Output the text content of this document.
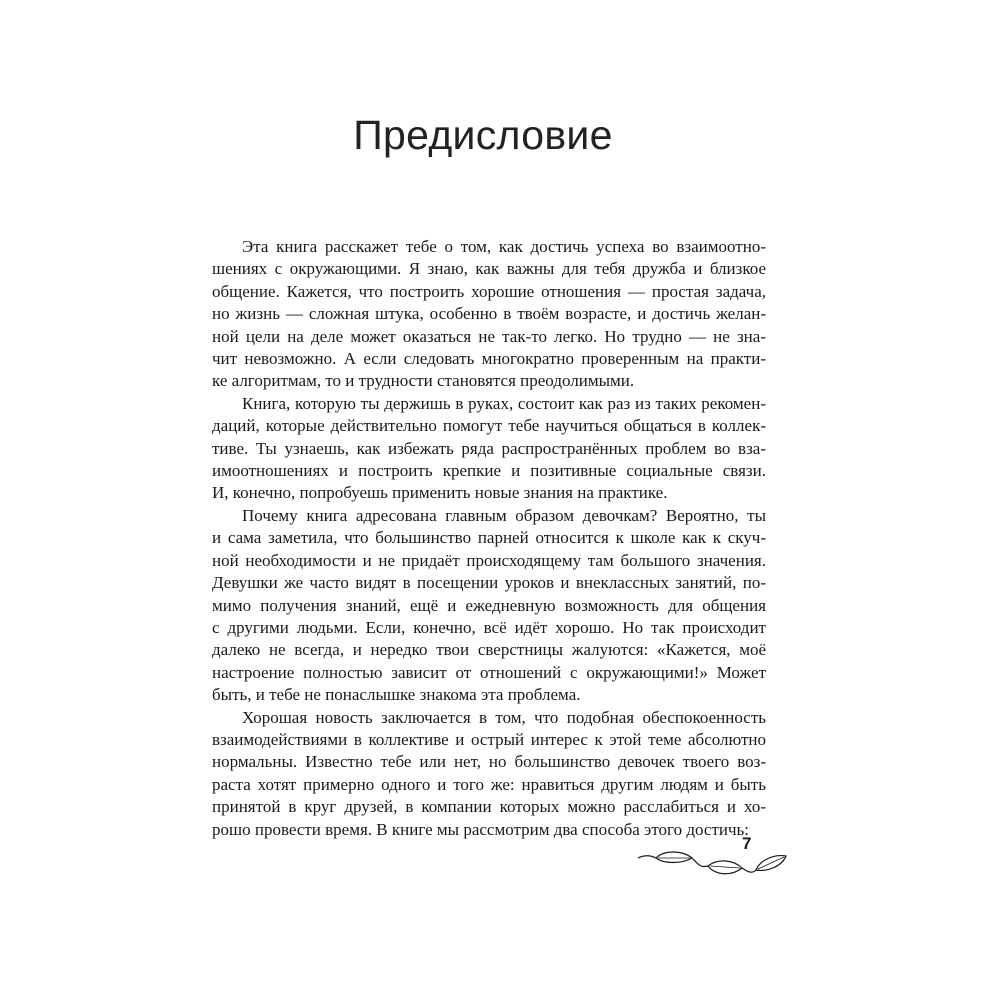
Предисловие
Эта книга расскажет тебе о том, как достичь успеха во взаимоотно-
шениях с окружающими. Я знаю, как важны для тебя дружба и близкое
общение. Кажется, что построить хорошие отношения — простая задача,
но жизнь — сложная штука, особенно в твоём возрасте, и достичь желан-
ной цели на деле может оказаться не так-то легко. Но трудно — не зна-
чит невозможно. А если следовать многократно проверенным на практи-
ке алгоритмам, то и трудности становятся преодолимыми.
Книга, которую ты держишь в руках, состоит как раз из таких рекомен-
даций, которые действительно помогут тебе научиться общаться в коллек-
тиве. Ты узнаешь, как избежать ряда распространённых проблем во вза-
имоотношениях и построить крепкие и позитивные социальные связи.
И, конечно, попробуешь применить новые знания на практике.
Почему книга адресована главным образом девочкам? Вероятно, ты
и сама заметила, что большинство парней относится к школе как к скуч-
ной необходимости и не придаёт происходящему там большого значения.
Девушки же часто видят в посещении уроков и внеклассных занятий, по-
мимо получения знаний, ещё и ежедневную возможность для общения
с другими людьми. Если, конечно, всё идёт хорошо. Но так происходит
далеко не всегда, и нередко твои сверстницы жалуются: «Кажется, моё
настроение полностью зависит от отношений с окружающими!» Может
быть, и тебе не понаслышке знакома эта проблема.
Хорошая новость заключается в том, что подобная обеспокоенность
взаимодействиями в коллективе и острый интерес к этой теме абсолютно
нормальны. Известно тебе или нет, но большинство девочек твоего воз-
раста хотят примерно одного и того же: нравиться другим людям и быть
принятой в круг друзей, в компании которых можно расслабиться и хо-
рошо провести время. В книге мы рассмотрим два способа этого достичь:
7
